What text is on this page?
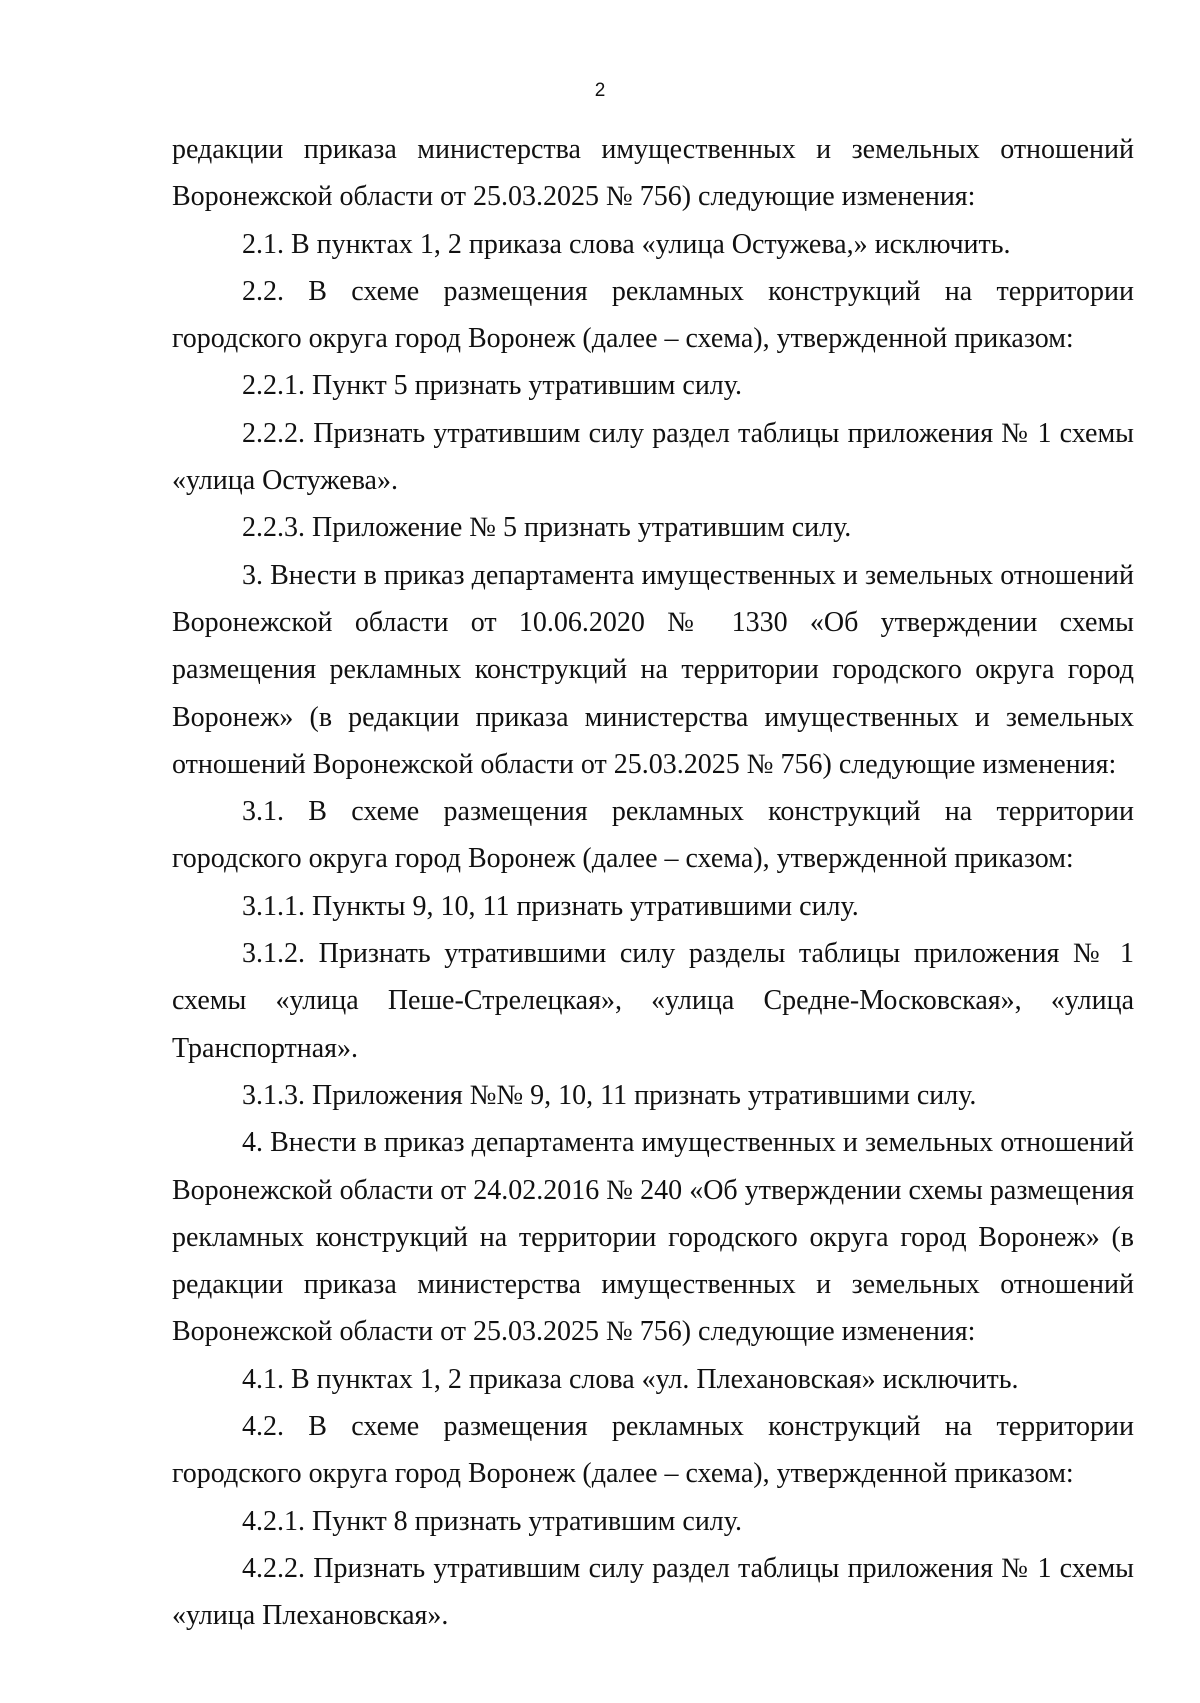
2

редакции приказа министерства имущественных и земельных отношений Воронежской области от 25.03.2025 № 756) следующие изменения:

2.1. В пунктах 1, 2 приказа слова «улица Остужева,» исключить.

2.2. В схеме размещения рекламных конструкций на территории городского округа город Воронеж (далее – схема), утвержденной приказом:

2.2.1. Пункт 5 признать утратившим силу.

2.2.2. Признать утратившим силу раздел таблицы приложения № 1 схемы «улица Остужева».

2.2.3. Приложение № 5 признать утратившим силу.

3. Внести в приказ департамента имущественных и земельных отношений Воронежской области от 10.06.2020 № 1330 «Об утверждении схемы размещения рекламных конструкций на территории городского округа город Воронеж» (в редакции приказа министерства имущественных и земельных отношений Воронежской области от 25.03.2025 № 756) следующие изменения:

3.1. В схеме размещения рекламных конструкций на территории городского округа город Воронеж (далее – схема), утвержденной приказом:

3.1.1. Пункты 9, 10, 11 признать утратившими силу.

3.1.2. Признать утратившими силу разделы таблицы приложения № 1 схемы «улица Пеше-Стрелецкая», «улица Средне-Московская», «улица Транспортная».

3.1.3. Приложения №№ 9, 10, 11 признать утратившими силу.

4. Внести в приказ департамента имущественных и земельных отношений Воронежской области от 24.02.2016 № 240 «Об утверждении схемы размещения рекламных конструкций на территории городского округа город Воронеж» (в редакции приказа министерства имущественных и земельных отношений Воронежской области от 25.03.2025 № 756) следующие изменения:

4.1. В пунктах 1, 2 приказа слова «ул. Плехановская» исключить.

4.2. В схеме размещения рекламных конструкций на территории городского округа город Воронеж (далее – схема), утвержденной приказом:

4.2.1. Пункт 8 признать утратившим силу.

4.2.2. Признать утратившим силу раздел таблицы приложения № 1 схемы «улица Плехановская».
